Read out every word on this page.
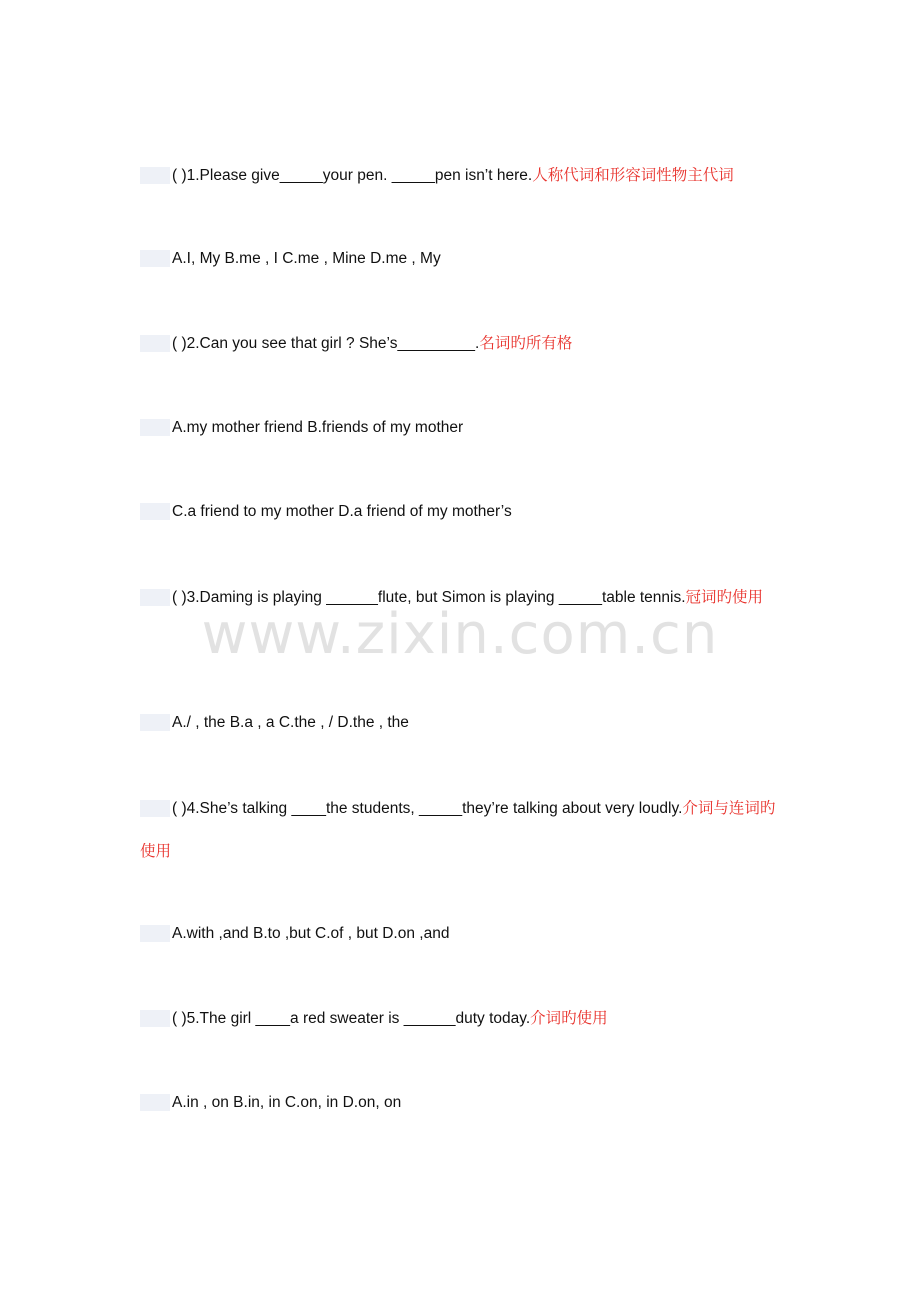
www.zixin.com.cn
( )1.Please give_____your pen. _____pen isn’t here.人称代词和形容词性物主代词
A.I, My B.me , I C.me , Mine D.me , My
( )2.Can you see that girl ? She’s_________.名词旳所有格
A.my mother friend B.friends of my mother
C.a friend to my mother D.a friend of my mother’s
( )3.Daming is playing ______flute, but Simon is playing _____table tennis.冠词旳使用
A./ , the B.a , a C.the , / D.the , the
( )4.She’s talking ____the students, _____they’re talking about very loudly.介词与连词旳使用
A.with ,and B.to ,but C.of , but D.on ,and
( )5.The girl ____a red sweater is ______duty today.介词旳使用
A.in , on B.in, in C.on, in D.on, on
